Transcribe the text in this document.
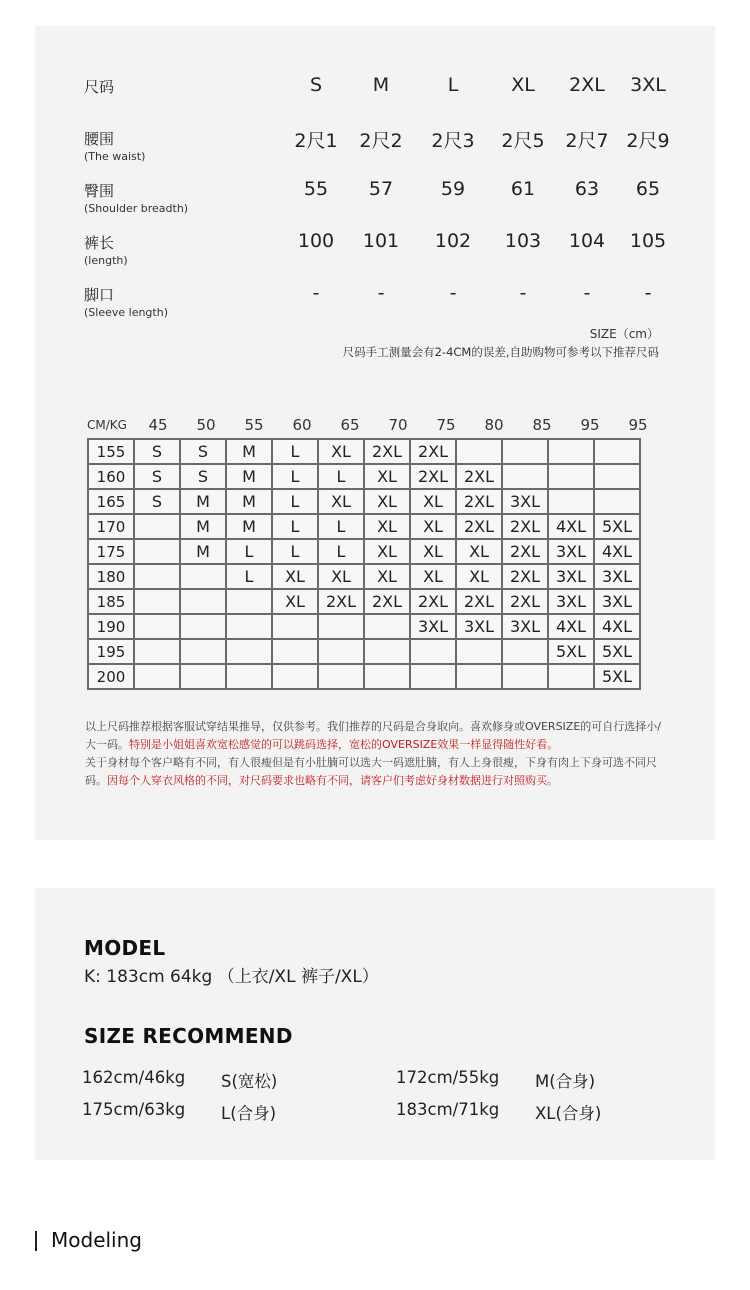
尺码	S	M	L	XL	2XL	3XL
腰围
(The waist)
2尺1	2尺2	2尺3	2尺5	2尺7 2尺9
臀围
(Shoulder breadth)
55	57	59	61	63	65
裤长
(length)
100	101	102	103	104	105
脚口
(Sleeve length)
-	-	-	-	-	-
SIZE（cm）
尺码手工测量会有2-4CM的误差,自助购物可参考以下推荐尺码
CM/KG	45	50	55	60	65	70	75	80	85	95	95
155	S	S	M	L	XL	2XL	2XL				
160	S	S	M	L	L	XL	2XL	2XL			
165	S	M	M	L	XL	XL	XL	2XL	3XL		
170		M	M	L	L	XL	XL	2XL	2XL	4XL	5XL
175		M	L	L	L	XL	XL	XL	2XL	3XL	4XL
180			L	XL	XL	XL	XL	XL	2XL	3XL	3XL
185				XL	2XL	2XL	2XL	2XL	2XL	3XL	3XL
190							3XL	3XL	3XL	4XL	4XL
195										5XL	5XL
200											5XL
以上尺码推荐根据客服试穿结果推导，仅供参考。我们推荐的尺码是合身取向。喜欢修身或OVERSIZE的可自行选择小/大一码。特别是小姐姐喜欢宽松感觉的可以跳码选择，宽松的OVERSIZE效果一样显得随性好看。
关于身材每个客户略有不同，有人很瘦但是有小肚腩可以选大一码遮肚腩，有人上身很瘦，下身有肉上下身可选不同尺码。因每个人穿衣风格的不同，对尺码要求也略有不同，请客户们考虑好身材数据进行对照购买。
MODEL
K: 183cm 64kg （上衣/XL 裤子/XL）
SIZE RECOMMEND
162cm/46kg S(宽松)	172cm/55kg M(合身)
175cm/63kg L(合身)	183cm/71kg XL(合身)
Modeling
